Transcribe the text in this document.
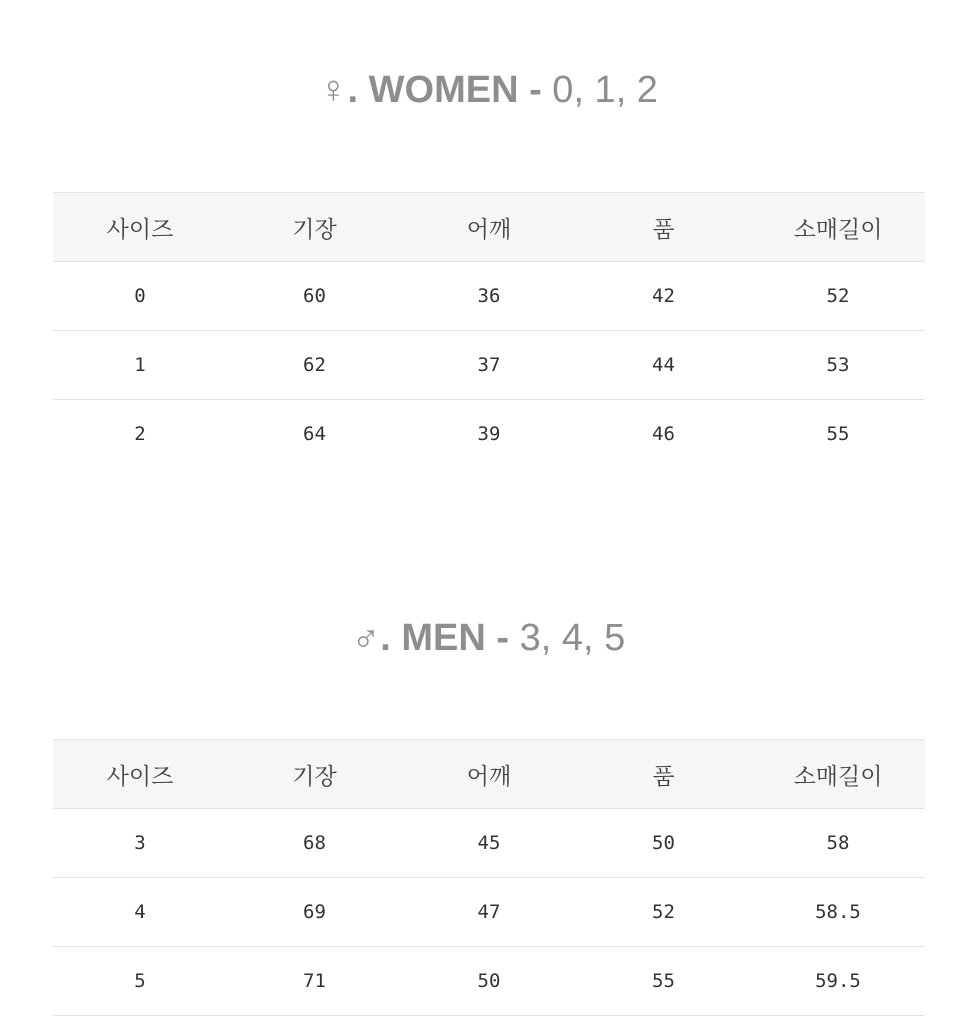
♀. WOMEN - 0, 1, 2
사이즈	기장	어깨	품	소매길이
0	60	36	42	52
1	62	37	44	53
2	64	39	46	55
♂. MEN - 3, 4, 5
사이즈	기장	어깨	품	소매길이
3	68	45	50	58
4	69	47	52	58.5
5	71	50	55	59.5
